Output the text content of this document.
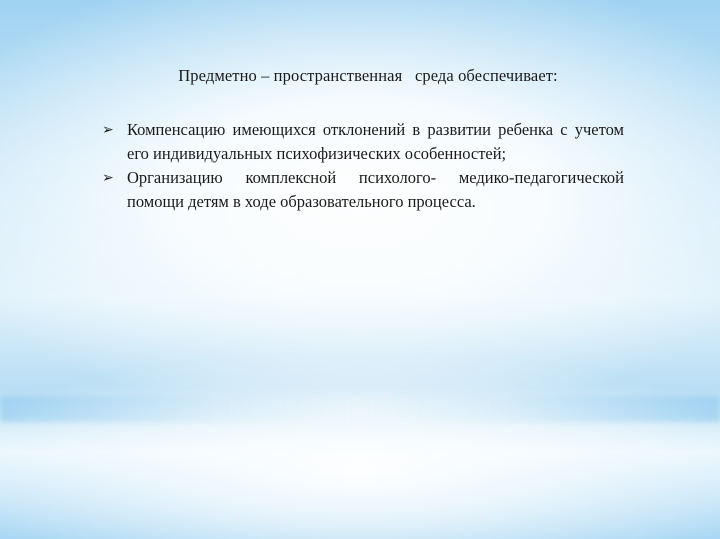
Предметно – пространственная   среда обеспечивает:
➢ Компенсацию имеющихся отклонений в развитии ребенка с учетом его индивидуальных психофизических особенностей;
➢ Организацию комплексной психолого- медико-педагогической помощи детям в ходе образовательного процесса.
